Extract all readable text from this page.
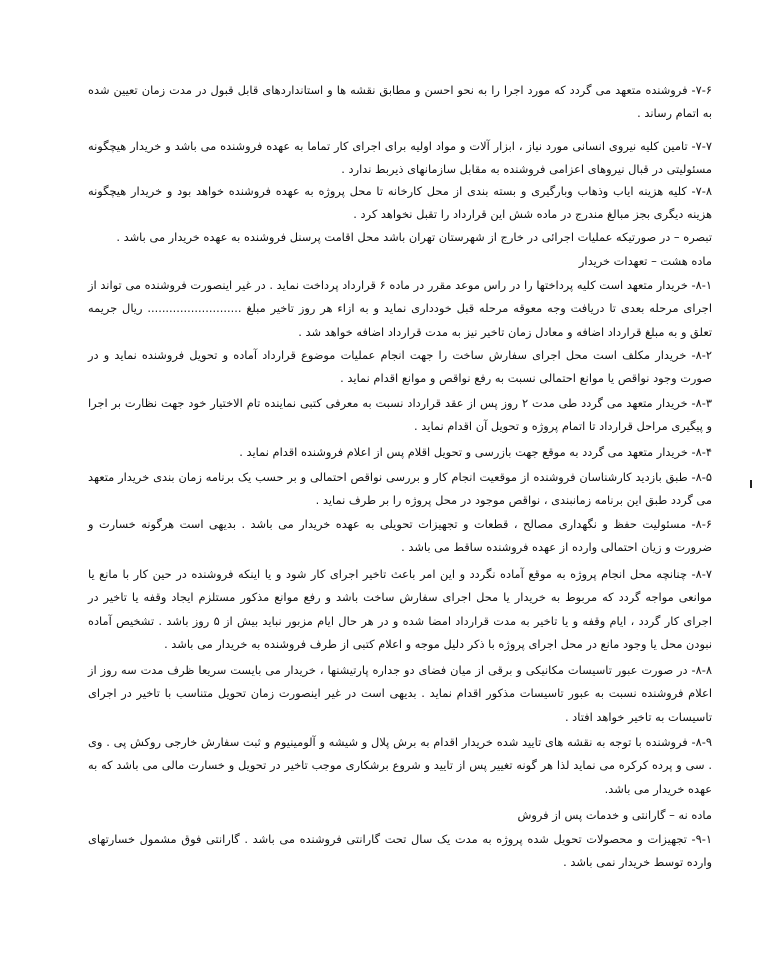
۷-۶- فروشنده متعهد می گردد که مورد اجرا را به نحو احسن و مطابق نقشه ها و استانداردهای قابل قبول در مدت زمان تعیین شده به اتمام رساند .

۷-۷- تامین کلیه نیروی انسانی مورد نیاز ، ابزار آلات و مواد اولیه برای اجرای کار تماما به عهده فروشنده می باشد و خریدار هیچگونه مسئولیتی در قبال نیروهای اعزامی فروشنده به مقابل سازمانهای ذیربط ندارد .

۷-۸- کلیه هزینه ایاب وذهاب وبارگیری و بسته بندی از محل کارخانه تا محل پروژه به عهده فروشنده خواهد بود و خریدار هیچگونه هزینه دیگری بجز مبالغ مندرج در ماده شش این قرارداد را تقبل نخواهد کرد .

تبصره – در صورتیکه عملیات اجرائی در خارج از شهرستان تهران باشد محل اقامت پرسنل فروشنده به عهده خریدار می باشد .

ماده هشت – تعهدات خریدار

۸-۱- خریدار متعهد است کلیه پرداختها را در راس موعد مقرر در ماده ۶ قرارداد پرداخت نماید . در غیر اینصورت فروشنده می تواند از اجرای مرحله بعدی تا دریافت وجه معوقه مرحله قبل خودداری نماید و به ازاء هر روز تاخیر مبلغ .......................... ریال جریمه تعلق و به مبلغ قرارداد اضافه و معادل زمان تاخیر نیز به مدت قرارداد اضافه خواهد شد .

۸-۲- خریدار مکلف است محل اجرای سفارش ساخت را جهت انجام عملیات موضوع قرارداد آماده و تحویل فروشنده نماید و در صورت وجود نواقص یا موانع احتمالی نسبت به رفع نواقص و موانع اقدام نماید .

۸-۳- خریدار متعهد می گردد طی مدت ۲ روز پس از عقد قرارداد نسبت به معرفی کتبی نماینده تام الاختیار خود جهت نظارت بر اجرا و پیگیری مراحل قرارداد تا اتمام پروژه و تحویل آن اقدام نماید .

۸-۴- خریدار متعهد می گردد به موقع جهت بازرسی و تحویل اقلام پس از اعلام فروشنده اقدام نماید .

۸-۵- طبق بازدید کارشناسان فروشنده از موقعیت انجام کار و بررسی نواقص احتمالی و بر حسب یک برنامه زمان بندی خریدار متعهد می گردد طبق این برنامه زمانبندی ، نواقص موجود در محل پروژه را بر طرف نماید .

۸-۶- مسئولیت حفظ و نگهداری مصالح ، قطعات و تجهیزات تحویلی به عهده خریدار می باشد . بدیهی است هرگونه خسارت و ضرورت و زیان احتمالی وارده از عهده فروشنده ساقط می باشد .

۸-۷- چنانچه محل انجام پروژه به موقع آماده نگردد و این امر باعث تاخیر اجرای کار شود و یا اینکه فروشنده در حین کار با مانع یا موانعی مواجه گردد که مربوط به خریدار یا محل اجرای سفارش ساخت باشد و رفع موانع مذکور مستلزم ایجاد وقفه یا تاخیر در اجرای کار گردد ، ایام وقفه و یا تاخیر به مدت قرارداد امضا شده و در هر حال ایام مزبور نباید بیش از ۵ روز باشد . تشخیص آماده نبودن محل یا وجود مانع در محل اجرای پروژه با ذکر دلیل موجه و اعلام کتبی از طرف فروشنده به خریدار می باشد .

۸-۸- در صورت عبور تاسیسات مکانیکی و برقی از میان فضای دو جداره پارتیشنها ، خریدار می بایست سریعا ظرف مدت سه روز از اعلام فروشنده نسبت به عبور تاسیسات مذکور اقدام نماید . بدیهی است در غیر اینصورت زمان تحویل متناسب با تاخیر در اجرای تاسیسات به تاخیر خواهد افتاد .

۸-۹- فروشنده با توجه به نقشه های تایید شده خریدار اقدام به برش پلال و شیشه و آلومینیوم و ثبت سفارش خارجی روکش پی . وی . سی و پرده کرکره می نماید لذا هر گونه تغییر پس از تایید و شروع برشکاری موجب تاخیر در تحویل و خسارت مالی می باشد که به عهده خریدار می باشد.

ماده نه – گارانتی و خدمات پس از فروش

۹-۱- تجهیزات و محصولات تحویل شده پروژه به مدت یک سال تحت گارانتی فروشنده می باشد . گارانتی فوق مشمول خسارتهای وارده توسط خریدار نمی باشد .
